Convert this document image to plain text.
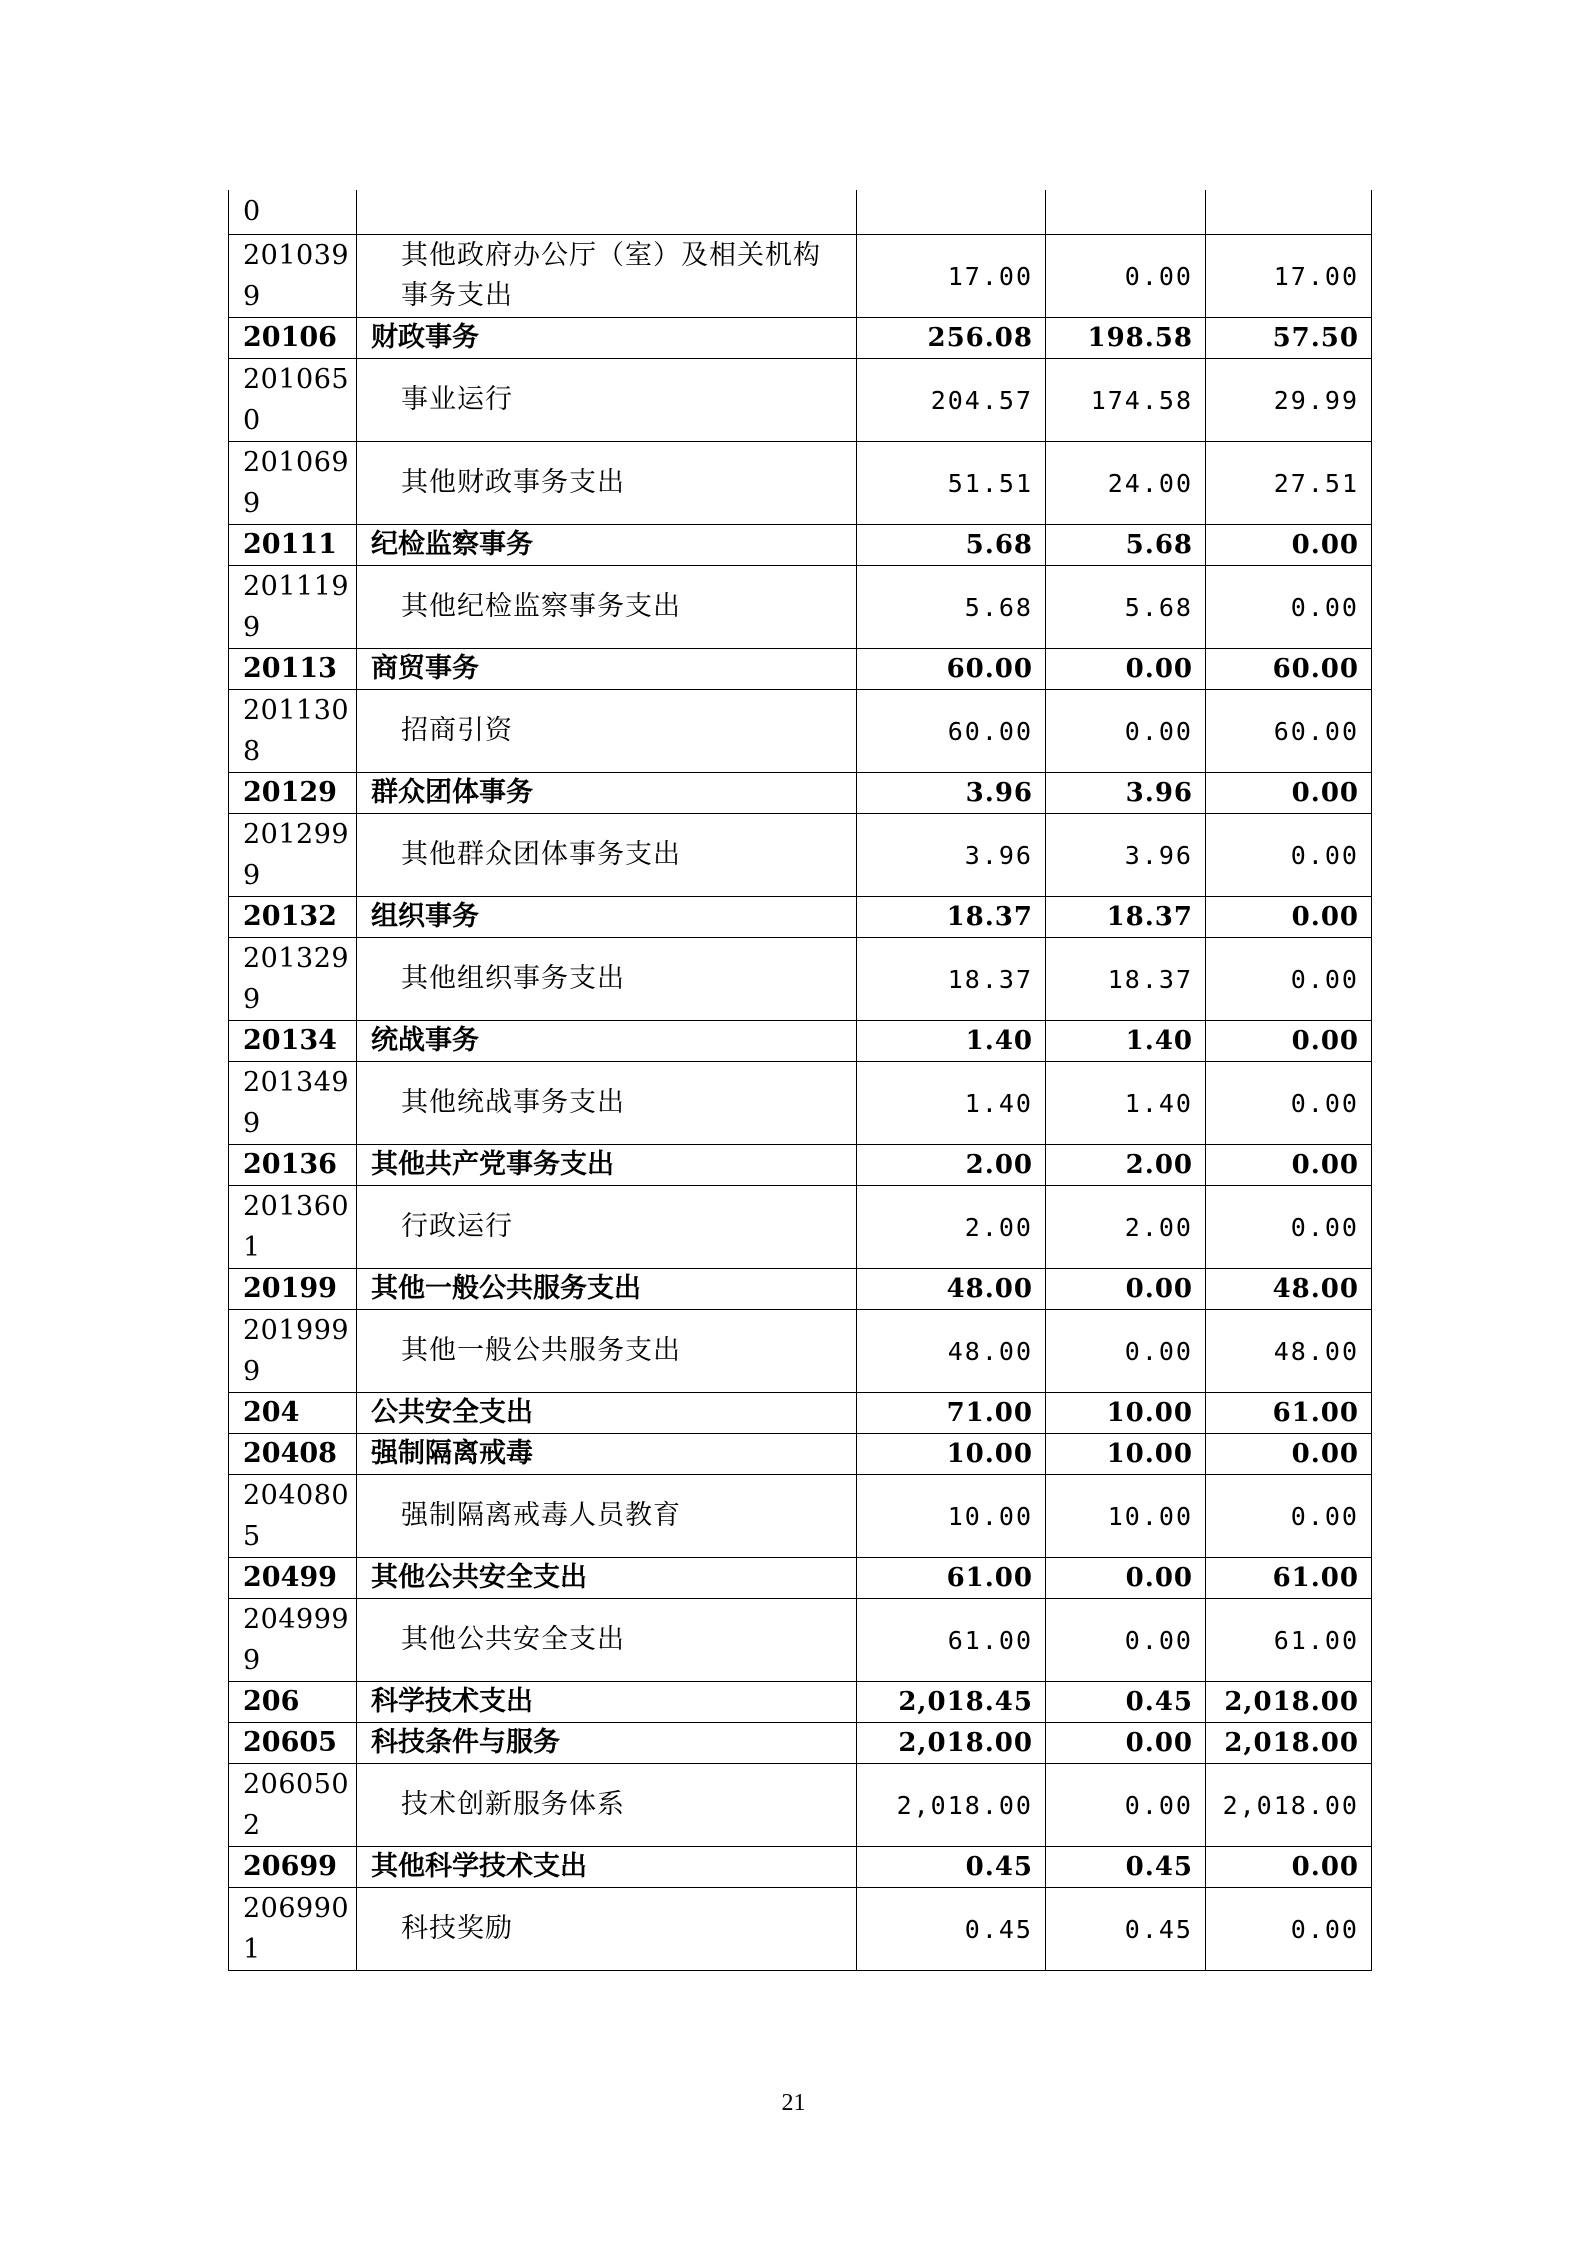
0				
2010399	其他政府办公厅（室）及相关机构事务支出	17.00	0.00	17.00
20106	财政事务	256.08	198.58	57.50
2010650	事业运行	204.57	174.58	29.99
2010699	其他财政事务支出	51.51	24.00	27.51
20111	纪检监察事务	5.68	5.68	0.00
2011199	其他纪检监察事务支出	5.68	5.68	0.00
20113	商贸事务	60.00	0.00	60.00
2011308	招商引资	60.00	0.00	60.00
20129	群众团体事务	3.96	3.96	0.00
2012999	其他群众团体事务支出	3.96	3.96	0.00
20132	组织事务	18.37	18.37	0.00
2013299	其他组织事务支出	18.37	18.37	0.00
20134	统战事务	1.40	1.40	0.00
2013499	其他统战事务支出	1.40	1.40	0.00
20136	其他共产党事务支出	2.00	2.00	0.00
2013601	行政运行	2.00	2.00	0.00
20199	其他一般公共服务支出	48.00	0.00	48.00
2019999	其他一般公共服务支出	48.00	0.00	48.00
204	公共安全支出	71.00	10.00	61.00
20408	强制隔离戒毒	10.00	10.00	0.00
2040805	强制隔离戒毒人员教育	10.00	10.00	0.00
20499	其他公共安全支出	61.00	0.00	61.00
2049999	其他公共安全支出	61.00	0.00	61.00
206	科学技术支出	2,018.45	0.45	2,018.00
20605	科技条件与服务	2,018.00	0.00	2,018.00
2060502	技术创新服务体系	2,018.00	0.00	2,018.00
20699	其他科学技术支出	0.45	0.45	0.00
2069901	科技奖励	0.45	0.45	0.00
21
